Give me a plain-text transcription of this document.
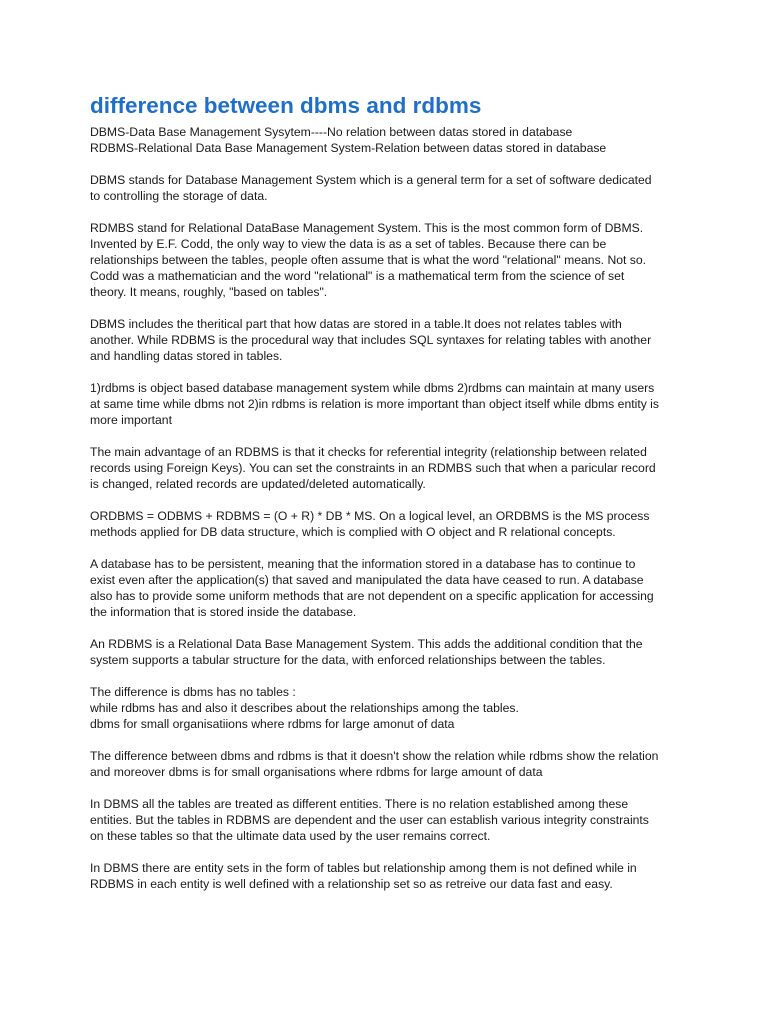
difference between dbms and rdbms
DBMS-Data Base Management Sysytem----No relation between datas stored in database
RDBMS-Relational Data Base Management System-Relation between datas stored in database
DBMS stands for Database Management System which is a general term for a set of software dedicated
to controlling the storage of data.
RDMBS stand for Relational DataBase Management System. This is the most common form of DBMS.
Invented by E.F. Codd, the only way to view the data is as a set of tables. Because there can be
relationships between the tables, people often assume that is what the word "relational" means. Not so.
Codd was a mathematician and the word "relational" is a mathematical term from the science of set
theory. It means, roughly, "based on tables".
DBMS includes the theritical part that how datas are stored in a table.It does not relates tables with
another. While RDBMS is the procedural way that includes SQL syntaxes for relating tables with another
and handling datas stored in tables.
1)rdbms is object based database management system while dbms 2)rdbms can maintain at many users
at same time while dbms not 2)in rdbms is relation is more important than object itself while dbms entity is
more important
The main advantage of an RDBMS is that it checks for referential integrity (relationship between related
records using Foreign Keys). You can set the constraints in an RDMBS such that when a paricular record
is changed, related records are updated/deleted automatically.
ORDBMS = ODBMS + RDBMS = (O + R) * DB * MS. On a logical level, an ORDBMS is the MS process
methods applied for DB data structure, which is complied with O object and R relational concepts.
A database has to be persistent, meaning that the information stored in a database has to continue to
exist even after the application(s) that saved and manipulated the data have ceased to run. A database
also has to provide some uniform methods that are not dependent on a specific application for accessing
the information that is stored inside the database.
An RDBMS is a Relational Data Base Management System. This adds the additional condition that the
system supports a tabular structure for the data, with enforced relationships between the tables.
The difference is dbms has no tables :
while rdbms has and also it describes about the relationships among the tables.
dbms for small organisatiions where rdbms for large amonut of data
The difference between dbms and rdbms is that it doesn't show the relation while rdbms show the relation
and moreover dbms is for small organisations where rdbms for large amount of data
In DBMS all the tables are treated as different entities. There is no relation established among these
entities. But the tables in RDBMS are dependent and the user can establish various integrity constraints
on these tables so that the ultimate data used by the user remains correct.
In DBMS there are entity sets in the form of tables but relationship among them is not defined while in
RDBMS in each entity is well defined with a relationship set so as retreive our data fast and easy.
